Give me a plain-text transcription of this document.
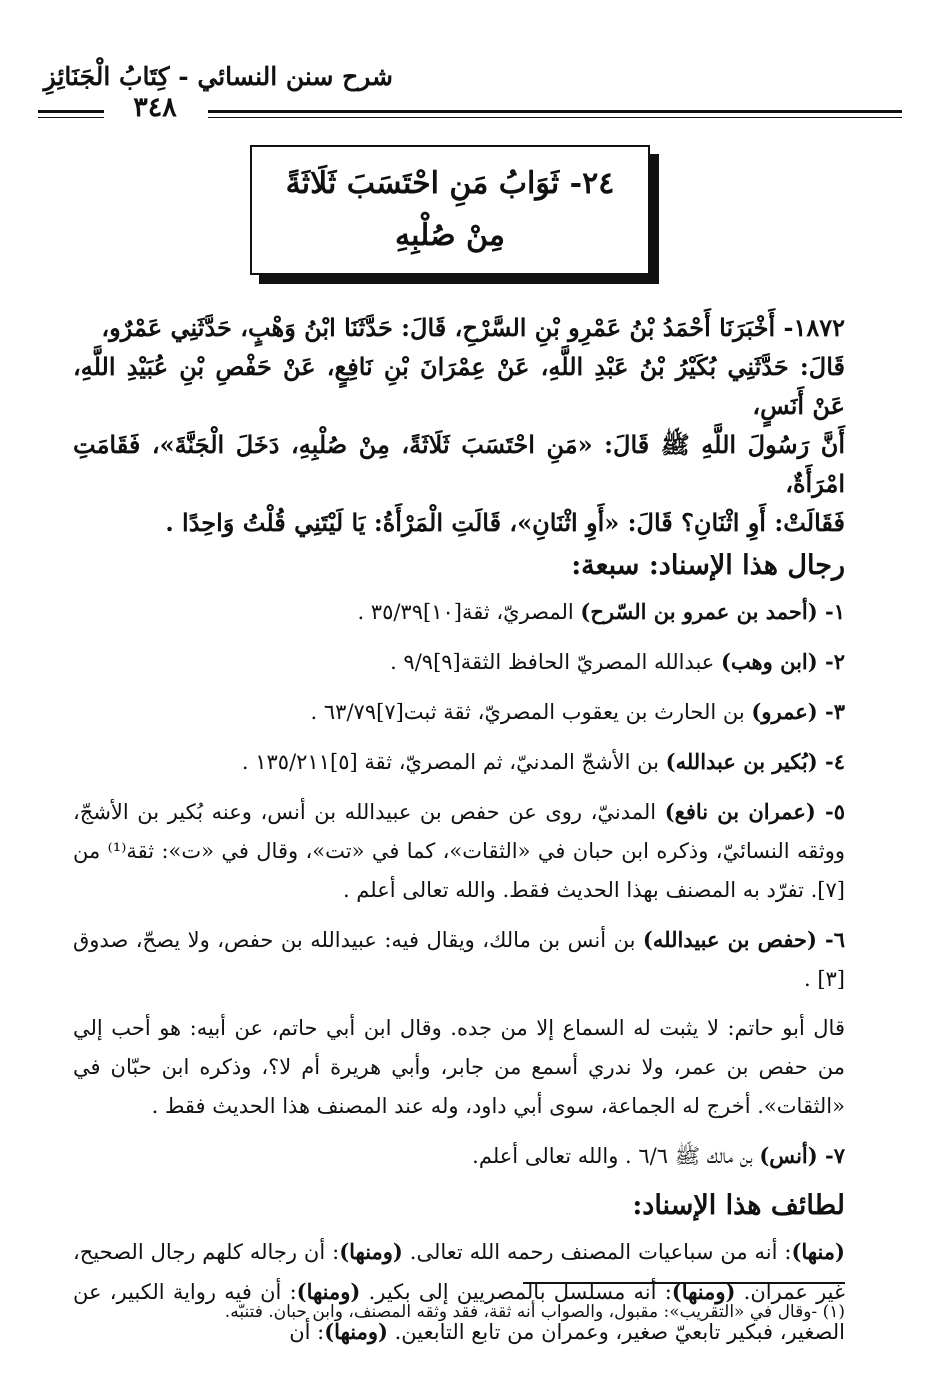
شرح سنن النسائي - كِتَابُ الْجَنَائِزِ
٣٤٨
٢٤- ثَوَابُ مَنِ احْتَسَبَ ثَلَاثَةً مِنْ صُلْبِهِ

١٨٧٢- أَخْبَرَنَا أَحْمَدُ بْنُ عَمْرِو بْنِ السَّرْحِ، قَالَ: حَدَّثَنَا ابْنُ وَهْبٍ، حَدَّثَنِي عَمْرٌو،

قَالَ: حَدَّثَنِي بُكَيْرُ بْنُ عَبْدِ اللَّهِ، عَنْ عِمْرَانَ بْنِ نَافِعٍ، عَنْ حَفْصِ بْنِ عُبَيْدِ اللَّهِ، عَنْ أَنَسٍ،

أَنَّ رَسُولَ اللَّهِ ﷺ قَالَ: «مَنِ احْتَسَبَ ثَلَاثَةً، مِنْ صُلْبِهِ، دَخَلَ الْجَنَّةَ»، فَقَامَتِ امْرَأَةٌ،

فَقَالَتْ: أَوِ اثْنَانِ؟ قَالَ: «أَوِ اثْنَانِ»، قَالَتِ الْمَرْأَةُ: يَا لَيْتَنِي قُلْتُ وَاحِدًا .

رجال هذا الإسناد: سبعة:
١- (أحمد بن عمرو بن السّرح) المصريّ، ثقة[١٠]٣٥/٣٩ .
٢- (ابن وهب) عبدالله المصريّ الحافظ الثقة[٩]٩/٩ .
٣- (عمرو) بن الحارث بن يعقوب المصريّ، ثقة ثبت[٧]٦٣/٧٩ .
٤- (بُكير بن عبدالله) بن الأشجّ المدنيّ، ثم المصريّ، ثقة [٥]١٣٥/٢١١ .
٥- (عمران بن نافع) المدنيّ، روى عن حفص بن عبيدالله بن أنس، وعنه بُكير بن الأشجّ، ووثقه النسائيّ، وذكره ابن حبان في «الثقات»، كما في «تت»، وقال في «ت»: ثقة⁽¹⁾ من [٧]. تفرّد به المصنف بهذا الحديث فقط. والله تعالى أعلم .
٦- (حفص بن عبيدالله) بن أنس بن مالك، ويقال فيه: عبيدالله بن حفص، ولا يصحّ، صدوق [٣] .

قال أبو حاتم: لا يثبت له السماع إلا من جده. وقال ابن أبي حاتم، عن أبيه: هو أحب إلي من حفص بن عمر، ولا ندري أسمع من جابر، وأبي هريرة أم لا؟، وذكره ابن حبّان في «الثقات». أخرج له الجماعة، سوى أبي داود، وله عند المصنف هذا الحديث فقط .

٧- (أنس) بن مالك ﷺ ٦/٦ . والله تعالى أعلم.

لطائف هذا الإسناد:

(منها): أنه من سباعيات المصنف رحمه الله تعالى. (ومنها): أن رجاله كلهم رجال الصحيح، غير عمران. (ومنها): أنه مسلسل بالمصريين إلى بكير. (ومنها): أن فيه رواية الكبير، عن الصغير، فبكير تابعيّ صغير، وعمران من تابع التابعين. (ومنها): أن

(١) -وقال في «التقريب»: مقبول، والصواب أنه ثقة، فقد وثقه المصنف، وابن حبان. فتنبّه.
